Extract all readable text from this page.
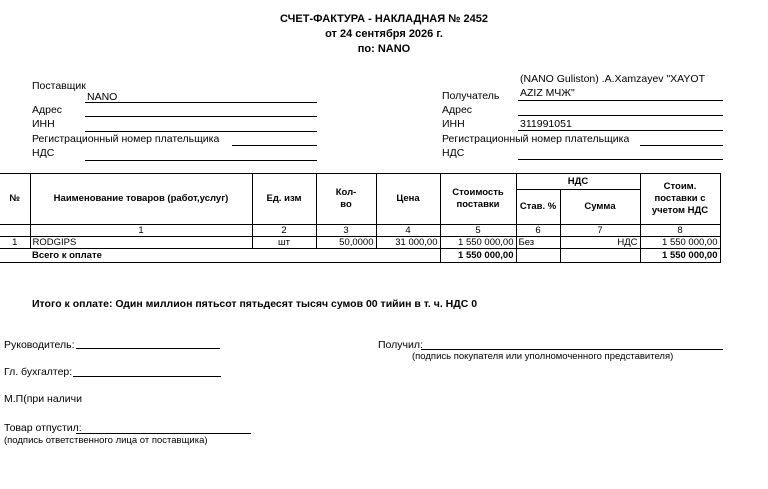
СЧЕТ-ФАКТУРА - НАКЛАДНАЯ № 2452
от 24 сентября 2026 г.
по: NANO
Поставщик
NANO
Адрес
ИНН
Регистрационный номер плательщика
НДС
(NANO Guliston) .A.Xamzayev "XAYOT
Получатель AZIZ МЧЖ"
Адрес
ИНН	311991051
Регистрационный номер плательщика
НДС
№	Наименование товаров (работ,услуг)	Ед. изм	Кол-во	Цена	Стоимость поставки	НДС		Стоим. поставки с учетом НДС
						Став. %	Сумма	
	1	2	3	4	5	6	7	8
1	RODGIPS	шт	50,0000	31 000,00	1 550 000,00	Без	НДС	1 550 000,00
	Всего к оплате				1 550 000,00			1 550 000,00
Итого к оплате: Один миллион пятьсот пятьдесят тысяч сумов 00 тийин в т. ч. НДС 0
Руководитель:
Гл. бухгалтер:
М.П(при наличи
Товар отпустил:
(подпись ответственного лица от поставщика)
Получил:
(подпись покупателя или уполномоченного представителя)
